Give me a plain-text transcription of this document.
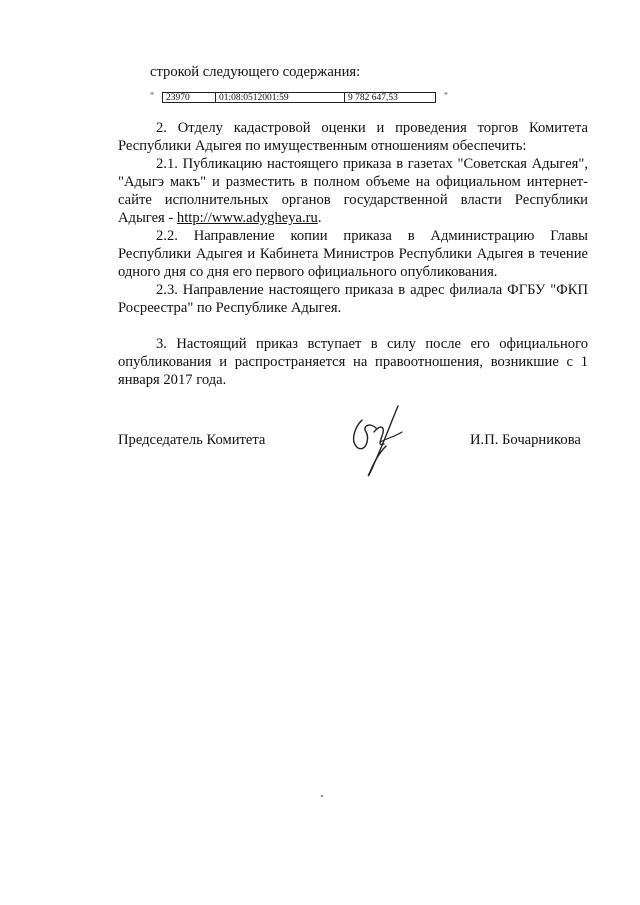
строкой следующего содержания:
"	23970	01:08:0512001:59	9 782 647,53	"
2. Отделу кадастровой оценки и проведения торгов Комитета
Республики Адыгея по имущественным отношениям обеспечить:
2.1. Публикацию настоящего приказа в газетах "Советская Адыгея",
"Адыгэ макъ" и разместить в полном объеме на официальном интернет-
сайте исполнительных органов государственной власти Республики
Адыгея - http://www.adygheya.ru.
2.2. Направление копии приказа в Администрацию Главы
Республики Адыгея и Кабинета Министров Республики Адыгея в течение
одного дня со дня его первого официального опубликования.
2.3. Направление настоящего приказа в адрес филиала ФГБУ "ФКП
Росреестра" по Республике Адыгея.
3. Настоящий приказ вступает в силу после его официального
опубликования и распространяется на правоотношения, возникшие с 1
января 2017 года.
Председатель Комитета	И.П. Бочарникова
